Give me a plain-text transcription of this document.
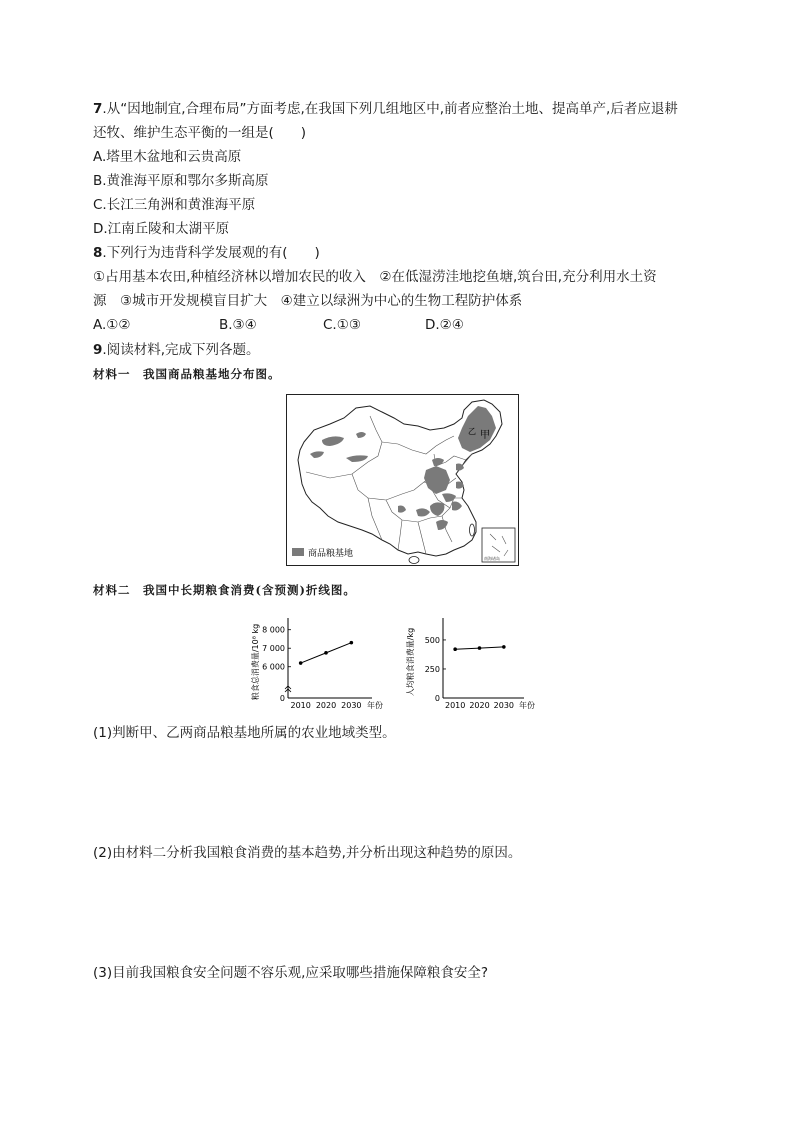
7.从“因地制宜,合理布局”方面考虑,在我国下列几组地区中,前者应整治土地、提高单产,后者应退耕
还牧、维护生态平衡的一组是(　　)
A.塔里木盆地和云贵高原
B.黄淮海平原和鄂尔多斯高原
C.长江三角洲和黄淮海平原
D.江南丘陵和太湖平原
8.下列行为违背科学发展观的有(　　)
①占用基本农田,种植经济林以增加农民的收入　②在低湿涝洼地挖鱼塘,筑台田,充分利用水土资
源　③城市开发规模盲目扩大　④建立以绿洲为中心的生物工程防护体系
A.①②	B.③④	C.①③	D.②④
9.阅读材料,完成下列各题。
材料一　我国商品粮基地分布图。
甲
乙
南海诸岛
商品粮基地
材料二　我国中长期粮食消费(含预测)折线图。
粮食总消费量/10⁸ kg 6 000
7 000
8 000
2010 2020 2030
0
年份
人均粮食消费量/kg
0
250
500
2010 2020 2030 年份
(1)判断甲、乙两商品粮基地所属的农业地域类型。
(2)由材料二分析我国粮食消费的基本趋势,并分析出现这种趋势的原因。
(3)目前我国粮食安全问题不容乐观,应采取哪些措施保障粮食安全?
